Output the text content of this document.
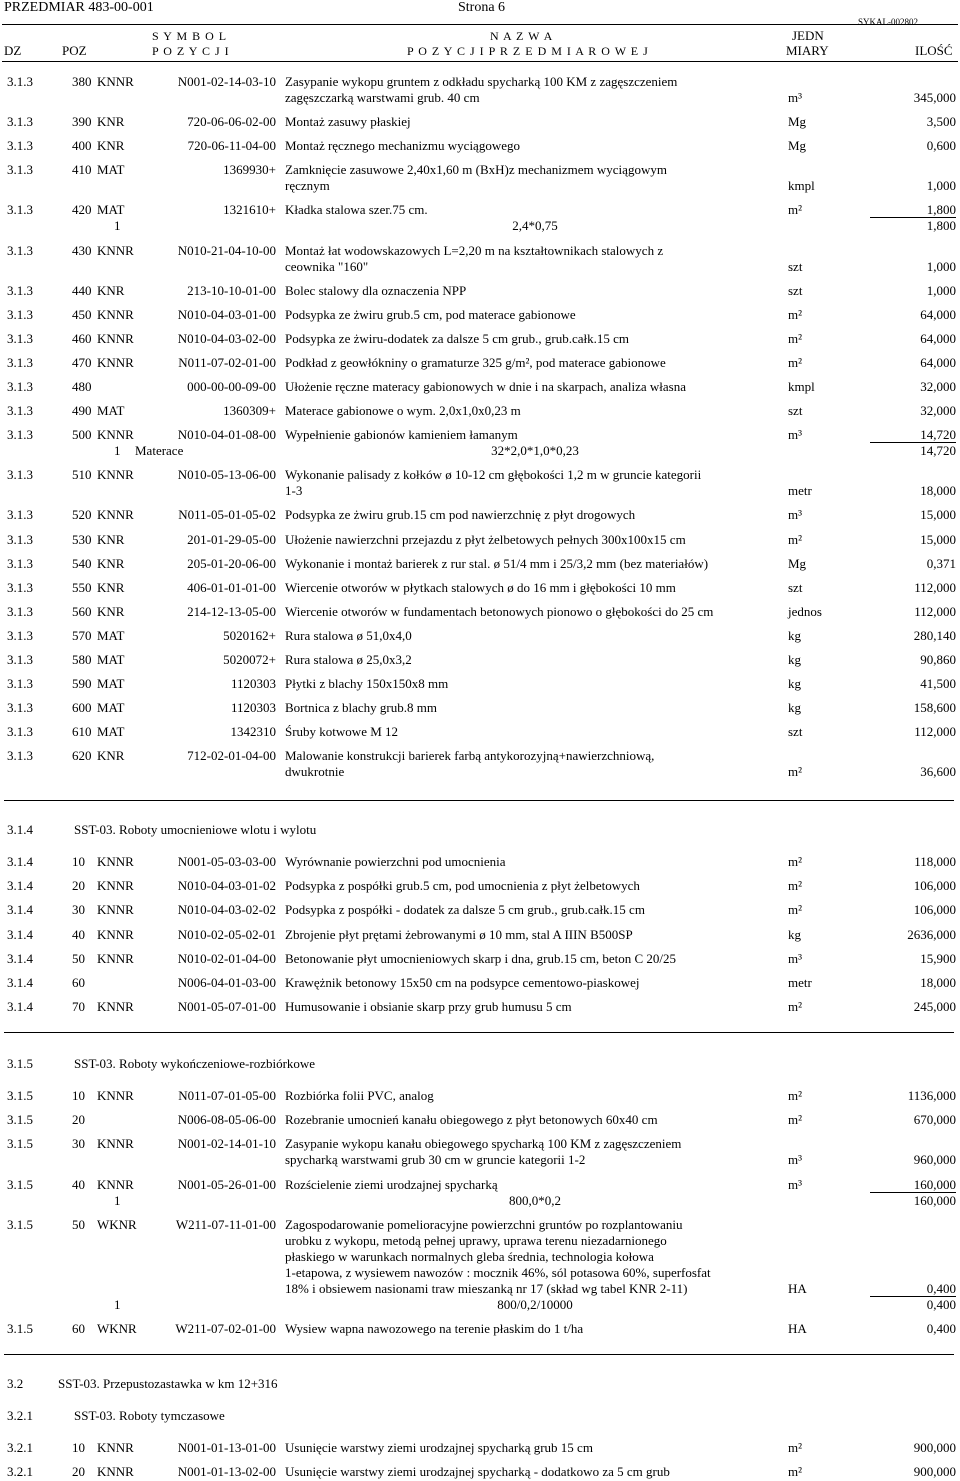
PRZEDMIAR 483-00-001	Strona 6
SYKAL-002802
DZ	POZ
S Y M B O L
P O Z Y C J I
N A Z W A
P O Z Y C J I P R Z E D M I A R O W E J
JEDN
MIARY	ILOŚĆ
3.1.3	380 KNNR	N001-02-14-03-10 Zasypanie wykopu gruntem z odkładu spycharką 100 KM z zagęszczeniem
zagęszczarką warstwami grub. 40 cm	m³	345,000
3.1.3	390 KNR	720-06-06-02-00 Montaż zasuwy płaskiej	Mg	3,500
3.1.3	400 KNR	720-06-11-04-00 Montaż ręcznego mechanizmu wyciągowego	Mg	0,600
3.1.3	410 MAT	1369930+ Zamknięcie zasuwowe 2,40x1,60 m (BxH)z mechanizmem wyciągowym
ręcznym	kmpl	1,000
3.1.3	420 MAT	1321610+ Kładka stalowa szer.75 cm.	m²	1,800
1	2,4*0,75	1,800
3.1.3	430 KNNR	N010-21-04-10-00 Montaż łat wodowskazowych L=2,20 m na kształtownikach stalowych z
ceownika "160"	szt	1,000
3.1.3	440 KNR	213-10-10-01-00 Bolec stalowy dla oznaczenia NPP	szt	1,000
3.1.3	450 KNNR	N010-04-03-01-00 Podsypka ze żwiru grub.5 cm, pod materace gabionowe	m²	64,000
3.1.3	460 KNNR	N010-04-03-02-00 Podsypka ze żwiru-dodatek za dalsze 5 cm grub., grub.całk.15 cm	m²	64,000
3.1.3	470 KNNR	N011-07-02-01-00 Podkład z geowłókniny o gramaturze 325 g/m², pod materace gabionowe	m²	64,000
3.1.3	480	000-00-00-09-00 Ułożenie ręczne materacy gabionowych w dnie i na skarpach, analiza własna	kmpl	32,000
3.1.3	490 MAT	1360309+ Materace gabionowe o wym. 2,0x1,0x0,23 m	szt	32,000
3.1.3	500 KNNR	N010-04-01-08-00 Wypełnienie gabionów kamieniem łamanym	m³	14,720
1 Materace	32*2,0*1,0*0,23	14,720
3.1.3	510 KNNR	N010-05-13-06-00 Wykonanie palisady z kołków ø 10-12 cm głębokości 1,2 m w gruncie kategorii
1-3	metr	18,000
3.1.3	520 KNNR	N011-05-01-05-02 Podsypka ze żwiru grub.15 cm pod nawierzchnię z płyt drogowych	m³	15,000
3.1.3	530 KNR	201-01-29-05-00 Ułożenie nawierzchni przejazdu z płyt żelbetowych pełnych 300x100x15 cm	m²	15,000
3.1.3	540 KNR	205-01-20-06-00 Wykonanie i montaż barierek z rur stal. ø 51/4 mm i 25/3,2 mm (bez materiałów)	Mg	0,371
3.1.3	550 KNR	406-01-01-01-00 Wiercenie otworów w płytkach stalowych ø do 16 mm i głębokości 10 mm	szt	112,000
3.1.3	560 KNR	214-12-13-05-00 Wiercenie otworów w fundamentach betonowych pionowo o głębokości do 25 cm	jednos	112,000
3.1.3	570 MAT	5020162+ Rura stalowa ø 51,0x4,0	kg	280,140
3.1.3	580 MAT	5020072+ Rura stalowa ø 25,0x3,2	kg	90,860
3.1.3	590 MAT	1120303 Płytki z blachy 150x150x8 mm	kg	41,500
3.1.3	600 MAT	1120303 Bortnica z blachy grub.8 mm	kg	158,600
3.1.3	610 MAT	1342310 Śruby kotwowe M 12	szt	112,000
3.1.3	620 KNR	712-02-01-04-00 Malowanie konstrukcji barierek farbą antykorozyjną+nawierzchniową,
dwukrotnie	m²	36,600
3.1.4	SST-03. Roboty umocnieniowe wlotu i wylotu
3.1.4	10 KNNR	N001-05-03-03-00 Wyrównanie powierzchni pod umocnienia	m²	118,000
3.1.4	20 KNNR	N010-04-03-01-02 Podsypka z pospółki grub.5 cm, pod umocnienia z płyt żelbetowych	m²	106,000
3.1.4	30 KNNR	N010-04-03-02-02 Podsypka z pospółki - dodatek za dalsze 5 cm grub., grub.całk.15 cm	m²	106,000
3.1.4	40 KNNR	N010-02-05-02-01 Zbrojenie płyt prętami żebrowanymi ø 10 mm, stal A IIIN B500SP	kg	2636,000
3.1.4	50 KNNR	N010-02-01-04-00 Betonowanie płyt umocnieniowych skarp i dna, grub.15 cm, beton C 20/25	m³	15,900
3.1.4	60	N006-04-01-03-00 Krawężnik betonowy 15x50 cm na podsypce cementowo-piaskowej	metr	18,000
3.1.4	70 KNNR	N001-05-07-01-00 Humusowanie i obsianie skarp przy grub humusu 5 cm	m²	245,000
3.1.5	SST-03. Roboty wykończeniowe-rozbiórkowe
3.1.5	10 KNNR	N011-07-01-05-00 Rozbiórka folii PVC, analog	m²	1136,000
3.1.5	20	N006-08-05-06-00 Rozebranie umocnień kanału obiegowego z płyt betonowych 60x40 cm	m²	670,000
3.1.5	30 KNNR	N001-02-14-01-10 Zasypanie wykopu kanału obiegowego spycharką 100 KM z zagęszczeniem
spycharką warstwami grub 30 cm w gruncie kategorii 1-2	m³	960,000
3.1.5	40 KNNR	N001-05-26-01-00 Rozścielenie ziemi urodzajnej spycharką	m³	160,000
1	800,0*0,2	160,000
3.1.5	50 WKNR	W211-07-11-01-00 Zagospodarowanie pomelioracyjne powierzchni gruntów po rozplantowaniu
urobku z wykopu, metodą pełnej uprawy, uprawa terenu niezadarnionego
płaskiego w warunkach normalnych gleba średnia, technologia kołowa
1-etapowa, z wysiewem nawozów : mocznik 46%, sól potasowa 60%, superfosfat
18% i obsiewem nasionami traw mieszanką nr 17 (skład wg tabel KNR 2-11)	HA	0,400
1	800/0,2/10000	0,400
3.1.5	60 WKNR	W211-07-02-01-00 Wysiew wapna nawozowego na terenie płaskim do 1 t/ha	HA	0,400
3.2	SST-03. Przepustozastawka w km 12+316
3.2.1	SST-03. Roboty tymczasowe
3.2.1	10 KNNR	N001-01-13-01-00 Usunięcie warstwy ziemi urodzajnej spycharką grub 15 cm	m²	900,000
3.2.1	20 KNNR	N001-01-13-02-00 Usunięcie warstwy ziemi urodzajnej spycharką - dodatkowo za 5 cm grub	m²	900,000
